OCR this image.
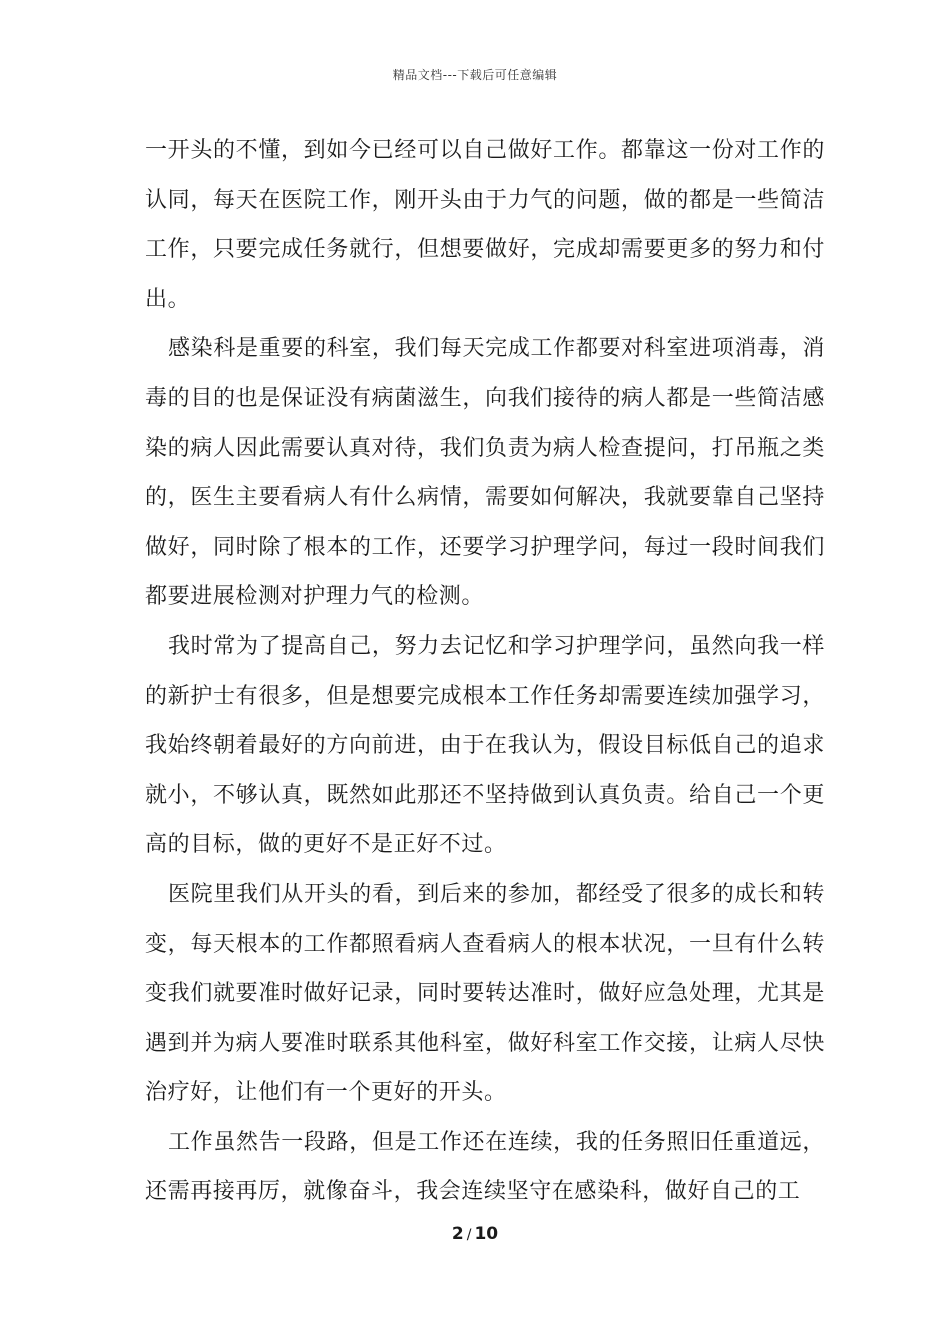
精品文档---下载后可任意编辑

一开头的不懂，到如今已经可以自己做好工作。都靠这一份对工作的认同，每天在医院工作，刚开头由于力气的问题，做的都是一些简洁工作，只要完成任务就行，但想要做好，完成却需要更多的努力和付出。

感染科是重要的科室，我们每天完成工作都要对科室进项消毒，消毒的目的也是保证没有病菌滋生，向我们接待的病人都是一些简洁感染的病人因此需要认真对待，我们负责为病人检查提问，打吊瓶之类的，医生主要看病人有什么病情，需要如何解决，我就要靠自己坚持做好，同时除了根本的工作，还要学习护理学问，每过一段时间我们都要进展检测对护理力气的检测。

我时常为了提高自己，努力去记忆和学习护理学问，虽然向我一样的新护士有很多，但是想要完成根本工作任务却需要连续加强学习，我始终朝着最好的方向前进，由于在我认为，假设目标低自己的追求就小，不够认真，既然如此那还不坚持做到认真负责。给自己一个更高的目标，做的更好不是正好不过。

医院里我们从开头的看，到后来的参加，都经受了很多的成长和转变，每天根本的工作都照看病人查看病人的根本状况，一旦有什么转变我们就要准时做好记录，同时要转达准时，做好应急处理，尤其是遇到并为病人要准时联系其他科室，做好科室工作交接，让病人尽快治疗好，让他们有一个更好的开头。

工作虽然告一段路，但是工作还在连续，我的任务照旧任重道远，还需再接再厉，就像奋斗，我会连续坚守在感染科，做好自己的工

2 / 10
